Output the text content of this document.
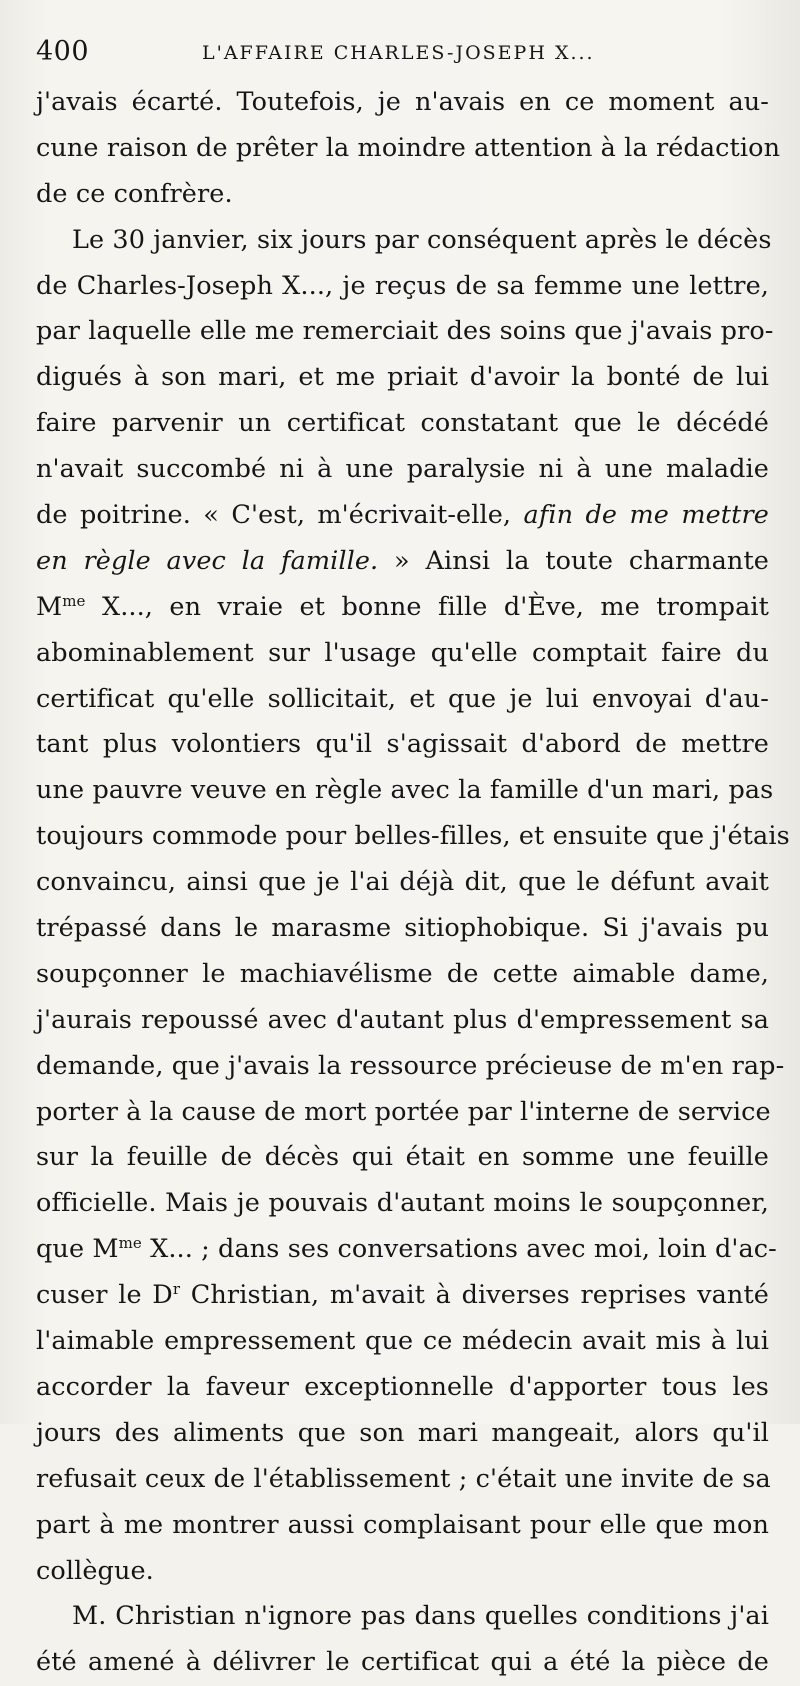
400	L'AFFAIRE CHARLES-JOSEPH X...
j'avais écarté. Toutefois, je n'avais en ce moment au-
cune raison de prêter la moindre attention à la rédaction
de ce confrère.
Le 30 janvier, six jours par conséquent après le décès
de Charles-Joseph X..., je reçus de sa femme une lettre,
par laquelle elle me remerciait des soins que j'avais pro-
digués à son mari, et me priait d'avoir la bonté de lui
faire parvenir un certificat constatant que le décédé
n'avait succombé ni à une paralysie ni à une maladie
de poitrine. « C'est, m'écrivait-elle, afin de me mettre
en règle avec la famille. » Ainsi la toute charmante
$M^{me}$ X..., en vraie et bonne fille d'Ève, me trompait
abominablement sur l'usage qu'elle comptait faire du
certificat qu'elle sollicitait, et que je lui envoyai d'au-
tant plus volontiers qu'il s'agissait d'abord de mettre
une pauvre veuve en règle avec la famille d'un mari, pas
toujours commode pour belles-filles, et ensuite que j'étais
convaincu, ainsi que je l'ai déjà dit, que le défunt avait
trépassé dans le marasme sitiophobique. Si j'avais pu
soupçonner le machiavélisme de cette aimable dame,
j'aurais repoussé avec d'autant plus d'empressement sa
demande, que j'avais la ressource précieuse de m'en rap-
porter à la cause de mort portée par l'interne de service
sur la feuille de décès qui était en somme une feuille
officielle. Mais je pouvais d'autant moins le soupçonner,
que $M^{me}$ X... ; dans ses conversations avec moi, loin d'ac-
cuser le $D^r$ Christian, m'avait à diverses reprises vanté
l'aimable empressement que ce médecin avait mis à lui
accorder la faveur exceptionnelle d'apporter tous les
jours des aliments que son mari mangeait, alors qu'il
refusait ceux de l'établissement ; c'était une invite de sa
part à me montrer aussi complaisant pour elle que mon
collègue.
M. Christian n'ignore pas dans quelles conditions j'ai
été amené à délivrer le certificat qui a été la pièce de
